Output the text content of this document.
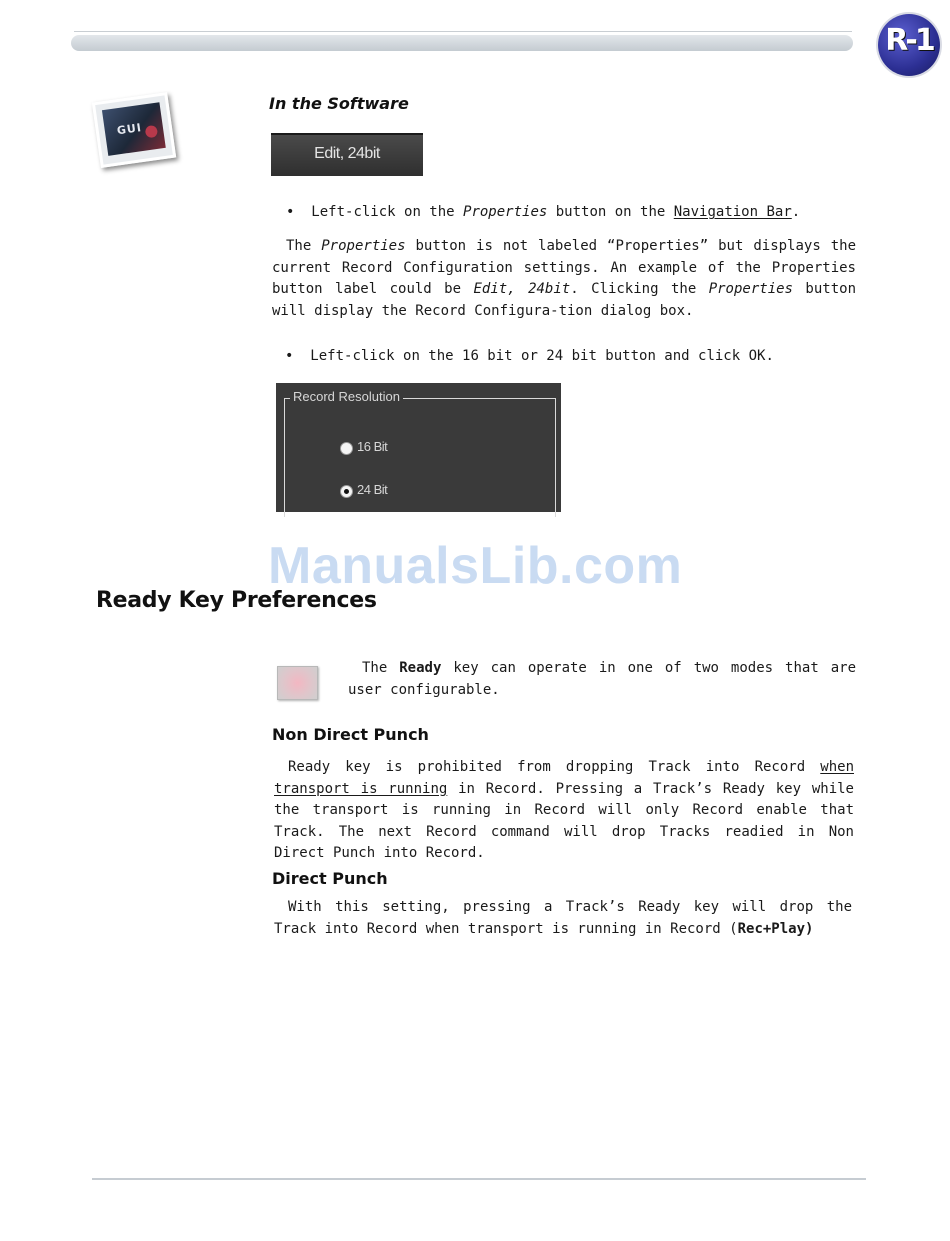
R-1
GUI
In the Software
Edit, 24bit
•  Left-click on the Properties button on the Navigation Bar.
The Properties button is not labeled “Properties” but displays the current Record Configuration settings. An example of the Properties button label could be Edit, 24bit. Clicking the Properties button will display the Record Configura-tion dialog box.
•  Left-click on the 16 bit or 24 bit button and click OK.
Record Resolution
16 Bit
24 Bit
ManualsLib.com
Ready Key Preferences
The Ready key can operate in one of two modes that are user configurable.
Non Direct Punch
Ready key is prohibited from dropping Track into Record when transport is running in Record. Pressing a Track’s Ready key while the transport is running in Record will only Record enable that Track. The next Record command will drop Tracks readied in Non Direct Punch into Record.
Direct Punch
With this setting, pressing a Track’s Ready key will drop the Track into Record when transport is running in Record (Rec+Play)
